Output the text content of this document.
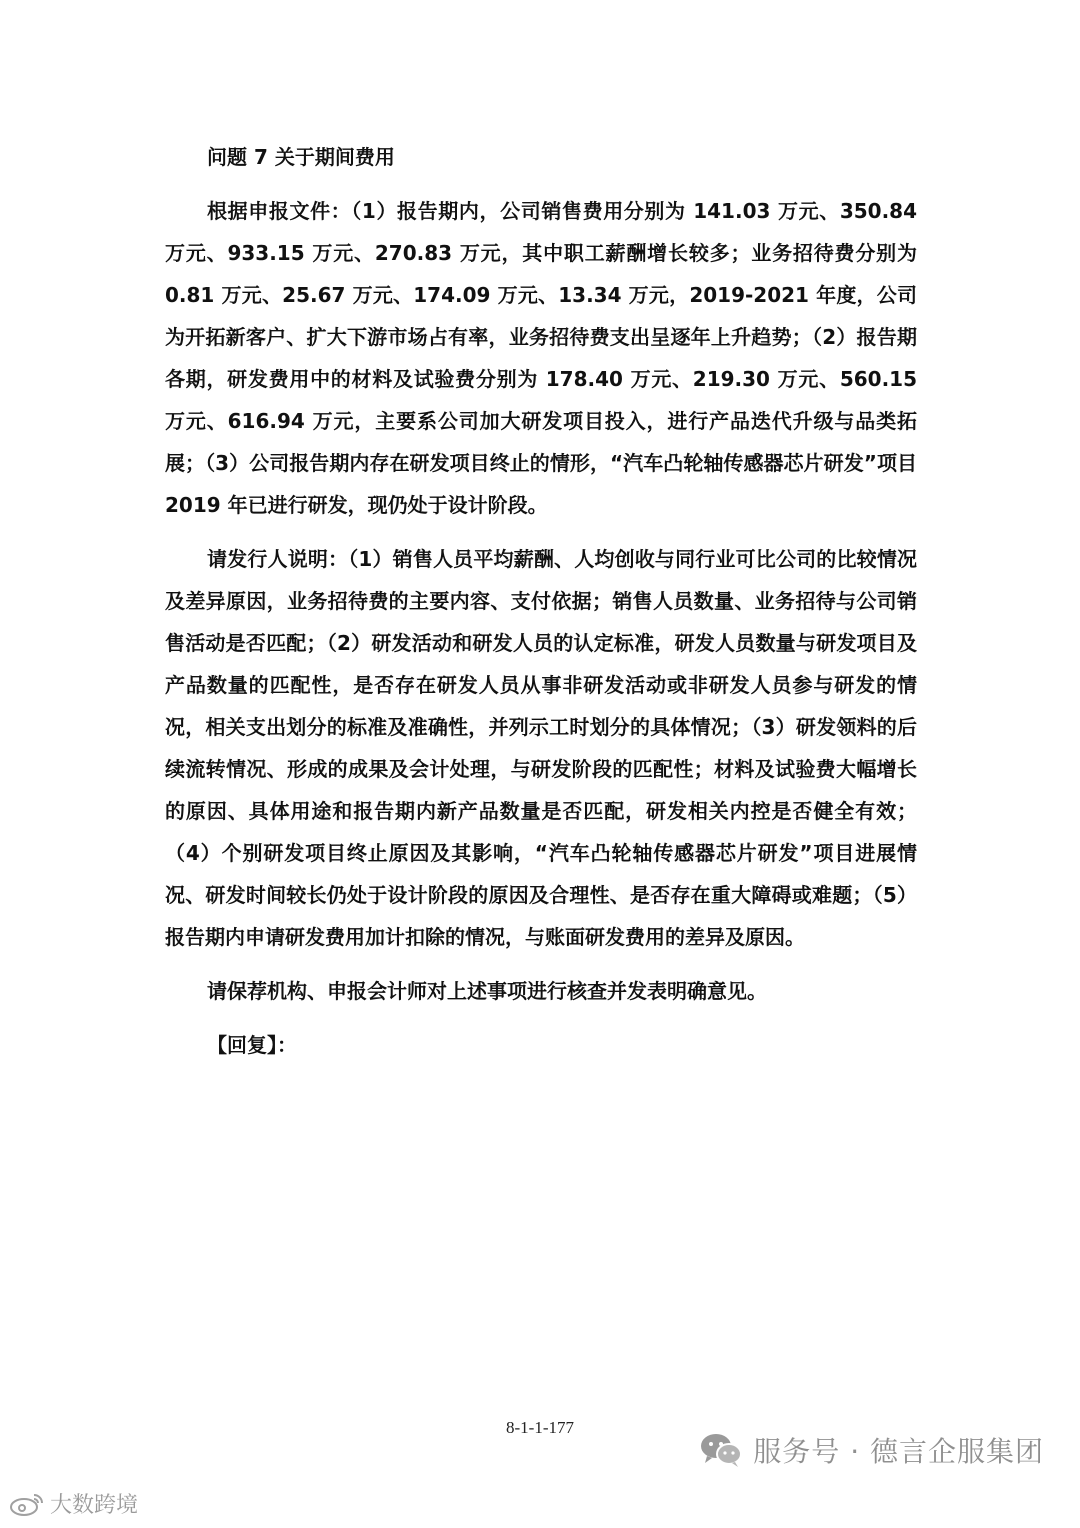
问题 7 关于期间费用

根据申报文件：（1）报告期内，公司销售费用分别为 141.03 万元、350.84 万元、933.15 万元、270.83 万元，其中职工薪酬增长较多；业务招待费分别为 0.81 万元、25.67 万元、174.09 万元、13.34 万元，2019-2021 年度，公司为开拓新客户、扩大下游市场占有率，业务招待费支出呈逐年上升趋势；（2）报告期各期，研发费用中的材料及试验费分别为 178.40 万元、219.30 万元、560.15 万元、616.94 万元，主要系公司加大研发项目投入，进行产品迭代升级与品类拓展；（3）公司报告期内存在研发项目终止的情形，“汽车凸轮轴传感器芯片研发”项目 2019 年已进行研发，现仍处于设计阶段。

请发行人说明：（1）销售人员平均薪酬、人均创收与同行业可比公司的比较情况及差异原因，业务招待费的主要内容、支付依据；销售人员数量、业务招待与公司销售活动是否匹配；（2）研发活动和研发人员的认定标准，研发人员数量与研发项目及产品数量的匹配性，是否存在研发人员从事非研发活动或非研发人员参与研发的情况，相关支出划分的标准及准确性，并列示工时划分的具体情况；（3）研发领料的后续流转情况、形成的成果及会计处理，与研发阶段的匹配性；材料及试验费大幅增长的原因、具体用途和报告期内新产品数量是否匹配，研发相关内控是否健全有效；（4）个别研发项目终止原因及其影响，“汽车凸轮轴传感器芯片研发”项目进展情况、研发时间较长仍处于设计阶段的原因及合理性、是否存在重大障碍或难题；（5）报告期内申请研发费用加计扣除的情况，与账面研发费用的差异及原因。

请保荐机构、申报会计师对上述事项进行核查并发表明确意见。

【回复】：

8-1-1-177
服务号 · 德言企服集团
大数跨境
